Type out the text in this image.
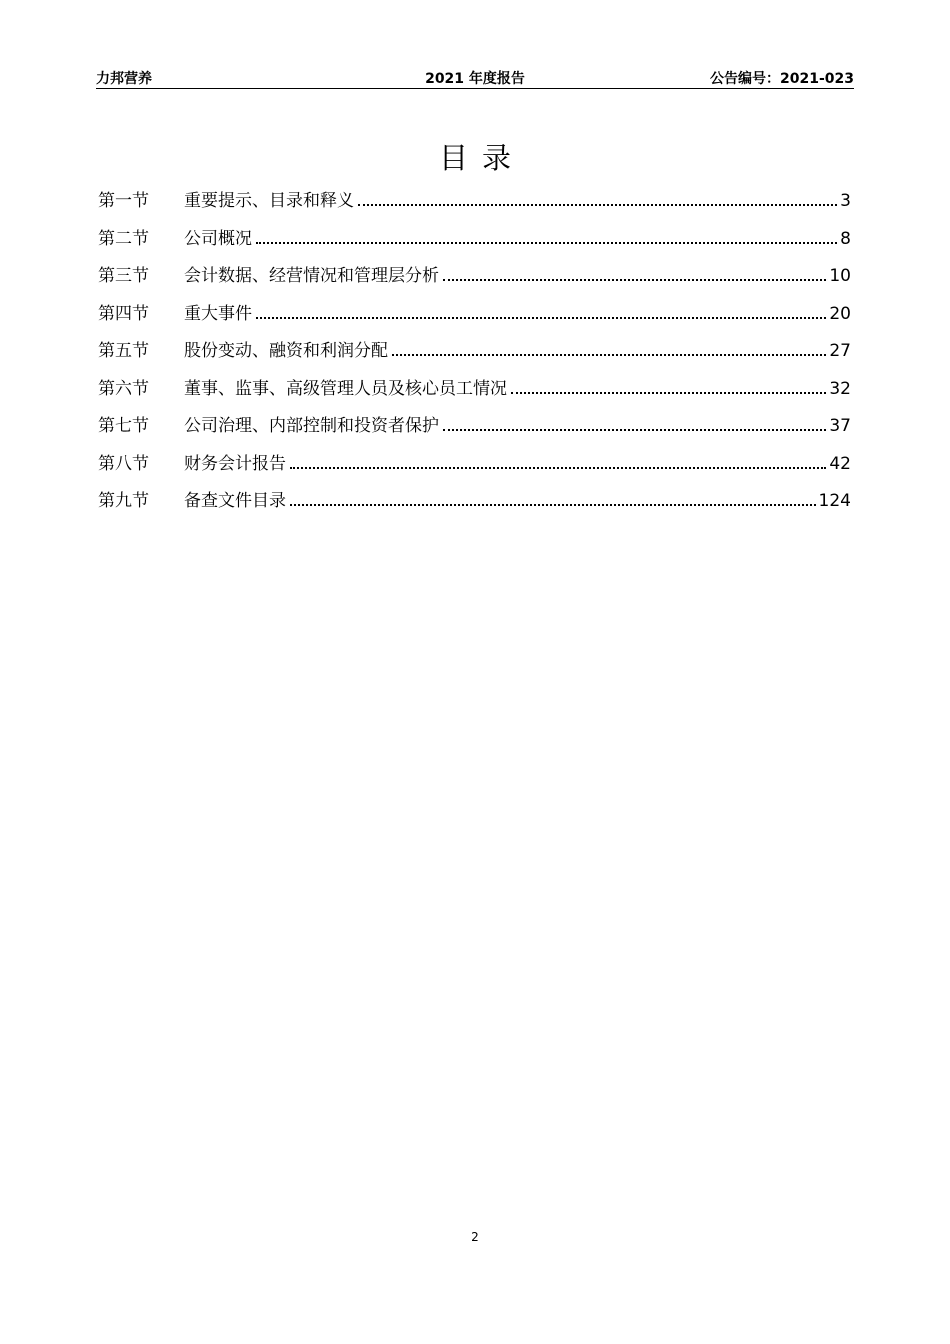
力邦营养	2021 年度报告	公告编号：2021-023
目录
第一节	重要提示、目录和释义	3
第二节	公司概况	8
第三节	会计数据、经营情况和管理层分析	10
第四节	重大事件	20
第五节	股份变动、融资和利润分配	27
第六节	董事、监事、高级管理人员及核心员工情况	32
第七节	公司治理、内部控制和投资者保护	37
第八节	财务会计报告	42
第九节	备查文件目录	124
2
